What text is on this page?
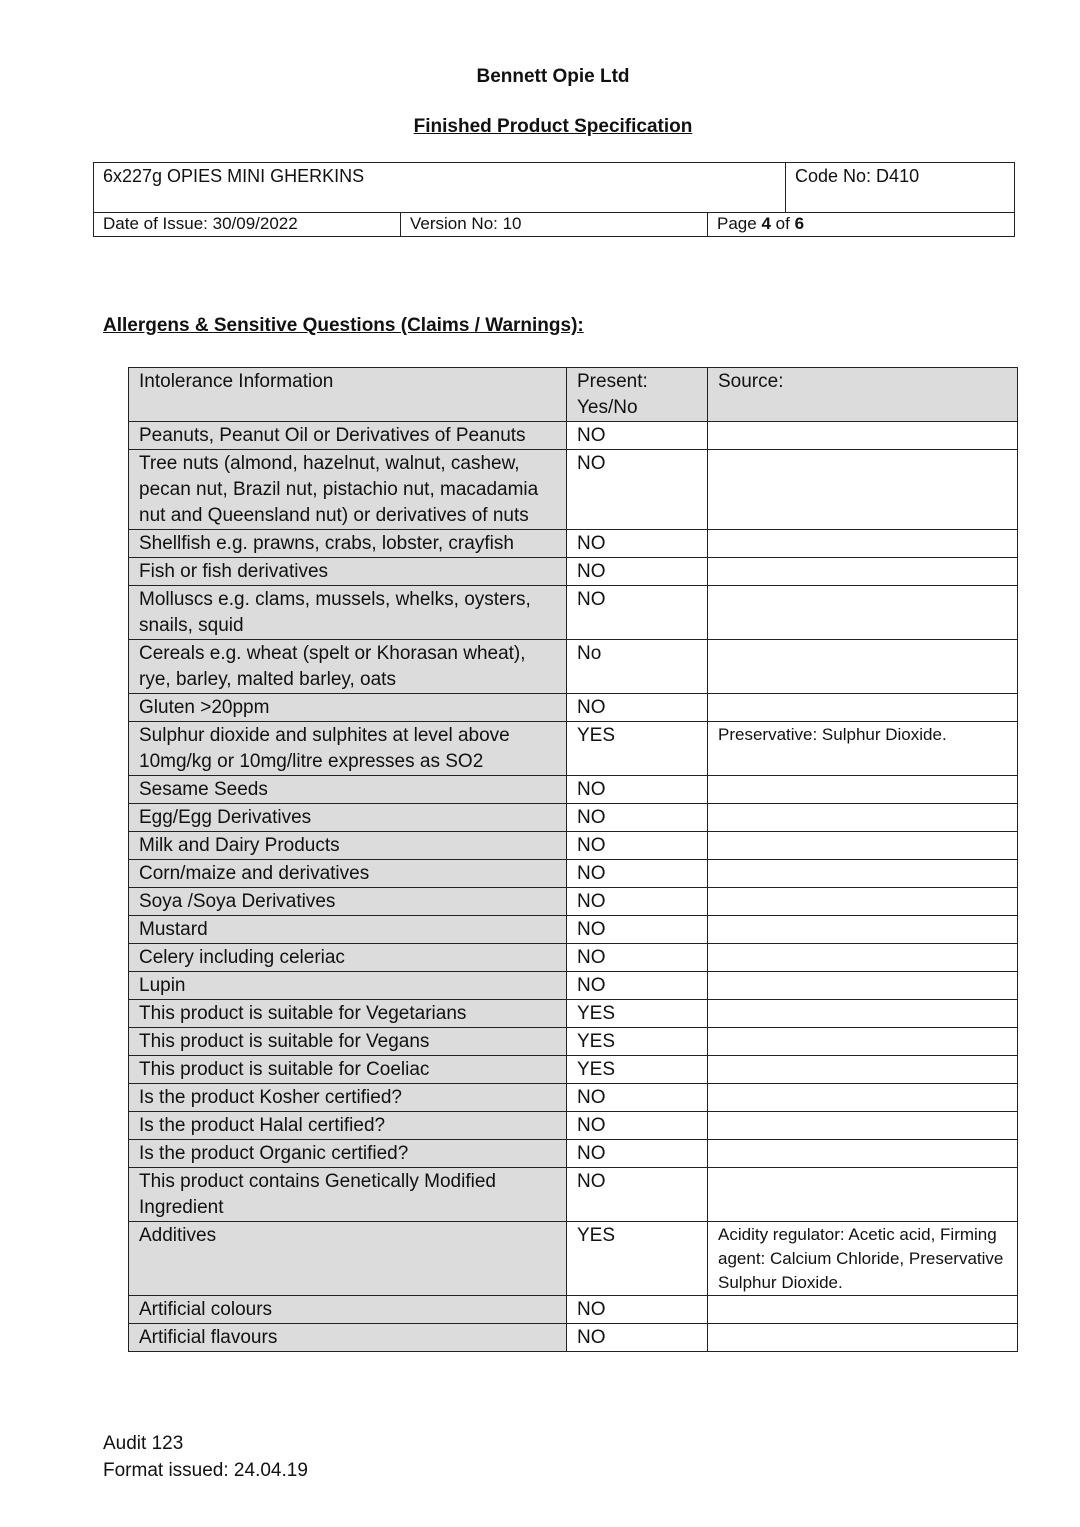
Bennett Opie Ltd
Finished Product Specification
6x227g OPIES MINI GHERKINS			Code No: D410
Date of Issue: 30/09/2022	Version No: 10	Page 4 of 6	
Allergens & Sensitive Questions (Claims / Warnings):
Intolerance Information	Present: Yes/No	Source:
Peanuts, Peanut Oil or Derivatives of Peanuts	NO	
Tree nuts (almond, hazelnut, walnut, cashew, pecan nut, Brazil nut, pistachio nut, macadamia nut and Queensland nut) or derivatives of nuts	NO	
Shellfish e.g. prawns, crabs, lobster, crayfish	NO	
Fish or fish derivatives	NO	
Molluscs e.g. clams, mussels, whelks, oysters, snails, squid	NO	
Cereals e.g. wheat (spelt or Khorasan wheat), rye, barley, malted barley, oats	No	
Gluten >20ppm	NO	
Sulphur dioxide and sulphites at level above 10mg/kg or 10mg/litre expresses as SO2	YES	Preservative: Sulphur Dioxide.
Sesame Seeds	NO	
Egg/Egg Derivatives	NO	
Milk and Dairy Products	NO	
Corn/maize and derivatives	NO	
Soya /Soya Derivatives	NO	
Mustard	NO	
Celery including celeriac	NO	
Lupin	NO	
This product is suitable for Vegetarians	YES	
This product is suitable for Vegans	YES	
This product is suitable for Coeliac	YES	
Is the product Kosher certified?	NO	
Is the product Halal certified?	NO	
Is the product Organic certified?	NO	
This product contains Genetically Modified Ingredient	NO	
Additives	YES	Acidity regulator: Acetic acid, Firming agent: Calcium Chloride, Preservative Sulphur Dioxide.
Artificial colours	NO	
Artificial flavours	NO	
Audit 123
Format issued: 24.04.19
